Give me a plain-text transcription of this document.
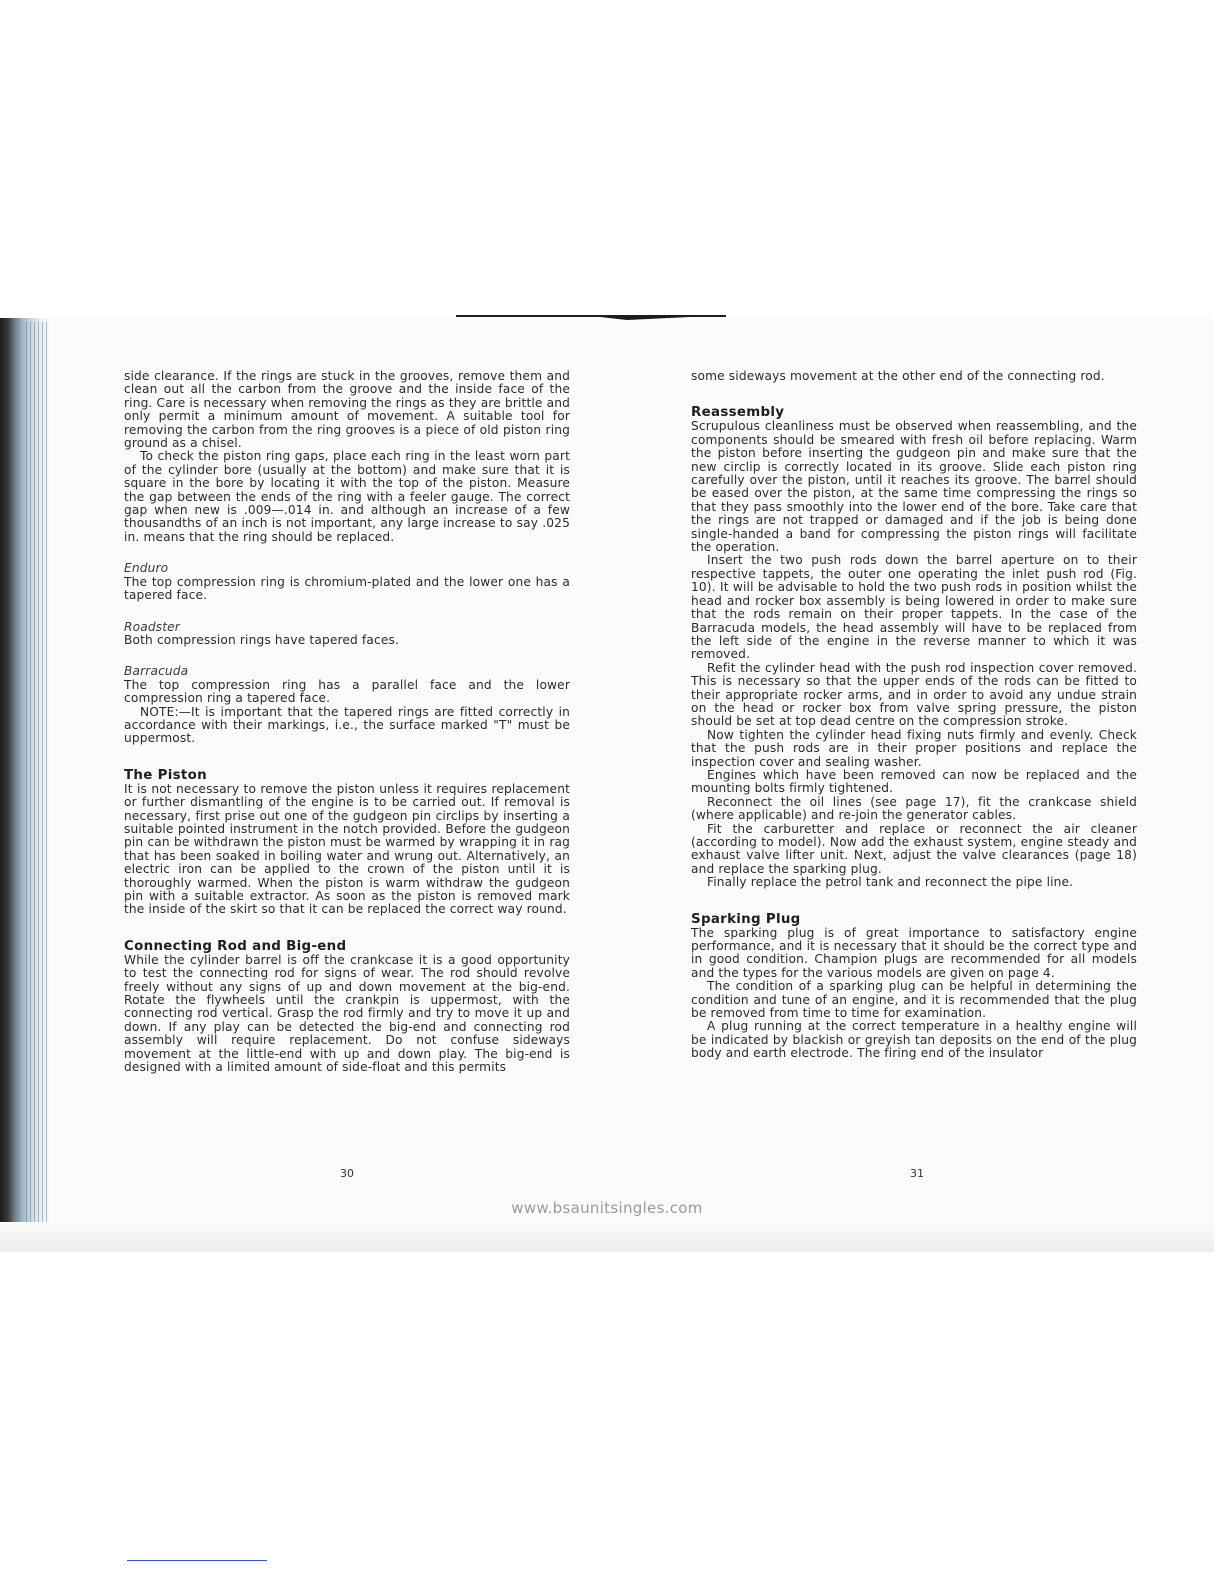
side clearance. If the rings are stuck in the grooves, remove them and clean out all the carbon from the groove and the inside face of the ring. Care is necessary when removing the rings as they are brittle and only permit a minimum amount of movement. A suitable tool for removing the carbon from the ring grooves is a piece of old piston ring ground as a chisel.

To check the piston ring gaps, place each ring in the least worn part of the cylinder bore (usually at the bottom) and make sure that it is square in the bore by locating it with the top of the piston. Measure the gap between the ends of the ring with a feeler gauge. The correct gap when new is .009—.014 in. and although an increase of a few thousandths of an inch is not important, any large increase to say .025 in. means that the ring should be replaced.

Enduro

The top compression ring is chromium-plated and the lower one has a tapered face.

Roadster

Both compression rings have tapered faces.

Barracuda

The top compression ring has a parallel face and the lower compression ring a tapered face.

NOTE:—It is important that the tapered rings are fitted correctly in accordance with their markings, i.e., the surface marked "T" must be uppermost.

The Piston

It is not necessary to remove the piston unless it requires replacement or further dismantling of the engine is to be carried out. If removal is necessary, first prise out one of the gudgeon pin circlips by inserting a suitable pointed instrument in the notch provided. Before the gudgeon pin can be withdrawn the piston must be warmed by wrapping it in rag that has been soaked in boiling water and wrung out. Alternatively, an electric iron can be applied to the crown of the piston until it is thoroughly warmed. When the piston is warm withdraw the gudgeon pin with a suitable extractor. As soon as the piston is removed mark the inside of the skirt so that it can be replaced the correct way round.

Connecting Rod and Big-end

While the cylinder barrel is off the crankcase it is a good opportunity to test the connecting rod for signs of wear. The rod should revolve freely without any signs of up and down movement at the big-end. Rotate the flywheels until the crankpin is uppermost, with the connecting rod vertical. Grasp the rod firmly and try to move it up and down. If any play can be detected the big-end and connecting rod assembly will require replacement. Do not confuse sideways movement at the little-end with up and down play. The big-end is designed with a limited amount of side-float and this permits

some sideways movement at the other end of the connecting rod.

Reassembly

Scrupulous cleanliness must be observed when reassembling, and the components should be smeared with fresh oil before replacing. Warm the piston before inserting the gudgeon pin and make sure that the new circlip is correctly located in its groove. Slide each piston ring carefully over the piston, until it reaches its groove. The barrel should be eased over the piston, at the same time compressing the rings so that they pass smoothly into the lower end of the bore. Take care that the rings are not trapped or damaged and if the job is being done single-handed a band for compressing the piston rings will facilitate the operation.

Insert the two push rods down the barrel aperture on to their respective tappets, the outer one operating the inlet push rod (Fig. 10). It will be advisable to hold the two push rods in position whilst the head and rocker box assembly is being lowered in order to make sure that the rods remain on their proper tappets. In the case of the Barracuda models, the head assembly will have to be replaced from the left side of the engine in the reverse manner to which it was removed.

Refit the cylinder head with the push rod inspection cover removed. This is necessary so that the upper ends of the rods can be fitted to their appropriate rocker arms, and in order to avoid any undue strain on the head or rocker box from valve spring pressure, the piston should be set at top dead centre on the compression stroke.

Now tighten the cylinder head fixing nuts firmly and evenly. Check that the push rods are in their proper positions and replace the inspection cover and sealing washer.

Engines which have been removed can now be replaced and the mounting bolts firmly tightened.

Reconnect the oil lines (see page 17), fit the crankcase shield (where applicable) and re-join the generator cables.

Fit the carburetter and replace or reconnect the air cleaner (according to model). Now add the exhaust system, engine steady and exhaust valve lifter unit. Next, adjust the valve clearances (page 18) and replace the sparking plug.

Finally replace the petrol tank and reconnect the pipe line.

Sparking Plug

The sparking plug is of great importance to satisfactory engine performance, and it is necessary that it should be the correct type and in good condition. Champion plugs are recommended for all models and the types for the various models are given on page 4.

The condition of a sparking plug can be helpful in determining the condition and tune of an engine, and it is recommended that the plug be removed from time to time for examination.

A plug running at the correct temperature in a healthy engine will be indicated by blackish or greyish tan deposits on the end of the plug body and earth electrode. The firing end of the insulator

30	31
www.bsaunitsingles.com
